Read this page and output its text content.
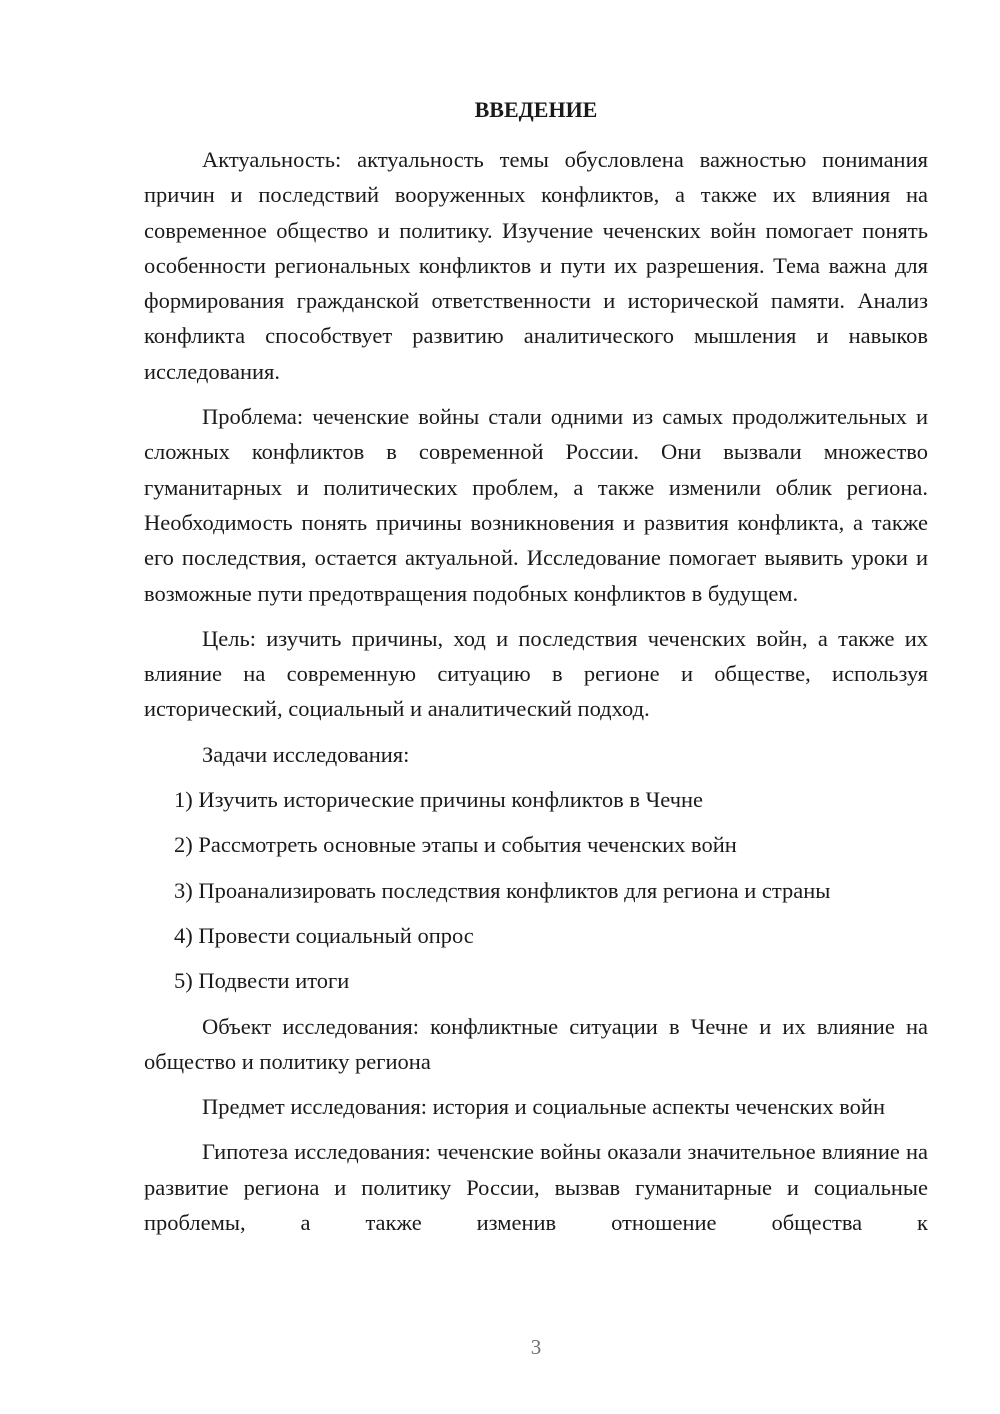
ВВЕДЕНИЕ

Актуальность: актуальность темы обусловлена важностью понимания причин и последствий вооруженных конфликтов, а также их влияния на современное общество и политику. Изучение чеченских войн помогает понять особенности региональных конфликтов и пути их разрешения. Тема важна для формирования гражданской ответственности и исторической памяти. Анализ конфликта способствует развитию аналитического мышления и навыков исследования.

Проблема: чеченские войны стали одними из самых продолжительных и сложных конфликтов в современной России. Они вызвали множество гуманитарных и политических проблем, а также изменили облик региона. Необходимость понять причины возникновения и развития конфликта, а также его последствия, остается актуальной. Исследование помогает выявить уроки и возможные пути предотвращения подобных конфликтов в будущем.

Цель: изучить причины, ход и последствия чеченских войн, а также их влияние на современную ситуацию в регионе и обществе, используя исторический, социальный и аналитический подход.

Задачи исследования:

1) Изучить исторические причины конфликтов в Чечне

2) Рассмотреть основные этапы и события чеченских войн

3) Проанализировать последствия конфликтов для региона и страны

4) Провести социальный опрос

5) Подвести итоги

Объект исследования: конфликтные ситуации в Чечне и их влияние на общество и политику региона

Предмет исследования: история и социальные аспекты чеченских войн

Гипотеза исследования: чеченские войны оказали значительное влияние на развитие региона и политику России, вызвав гуманитарные и социальные проблемы, а также изменив отношение общества к

3
